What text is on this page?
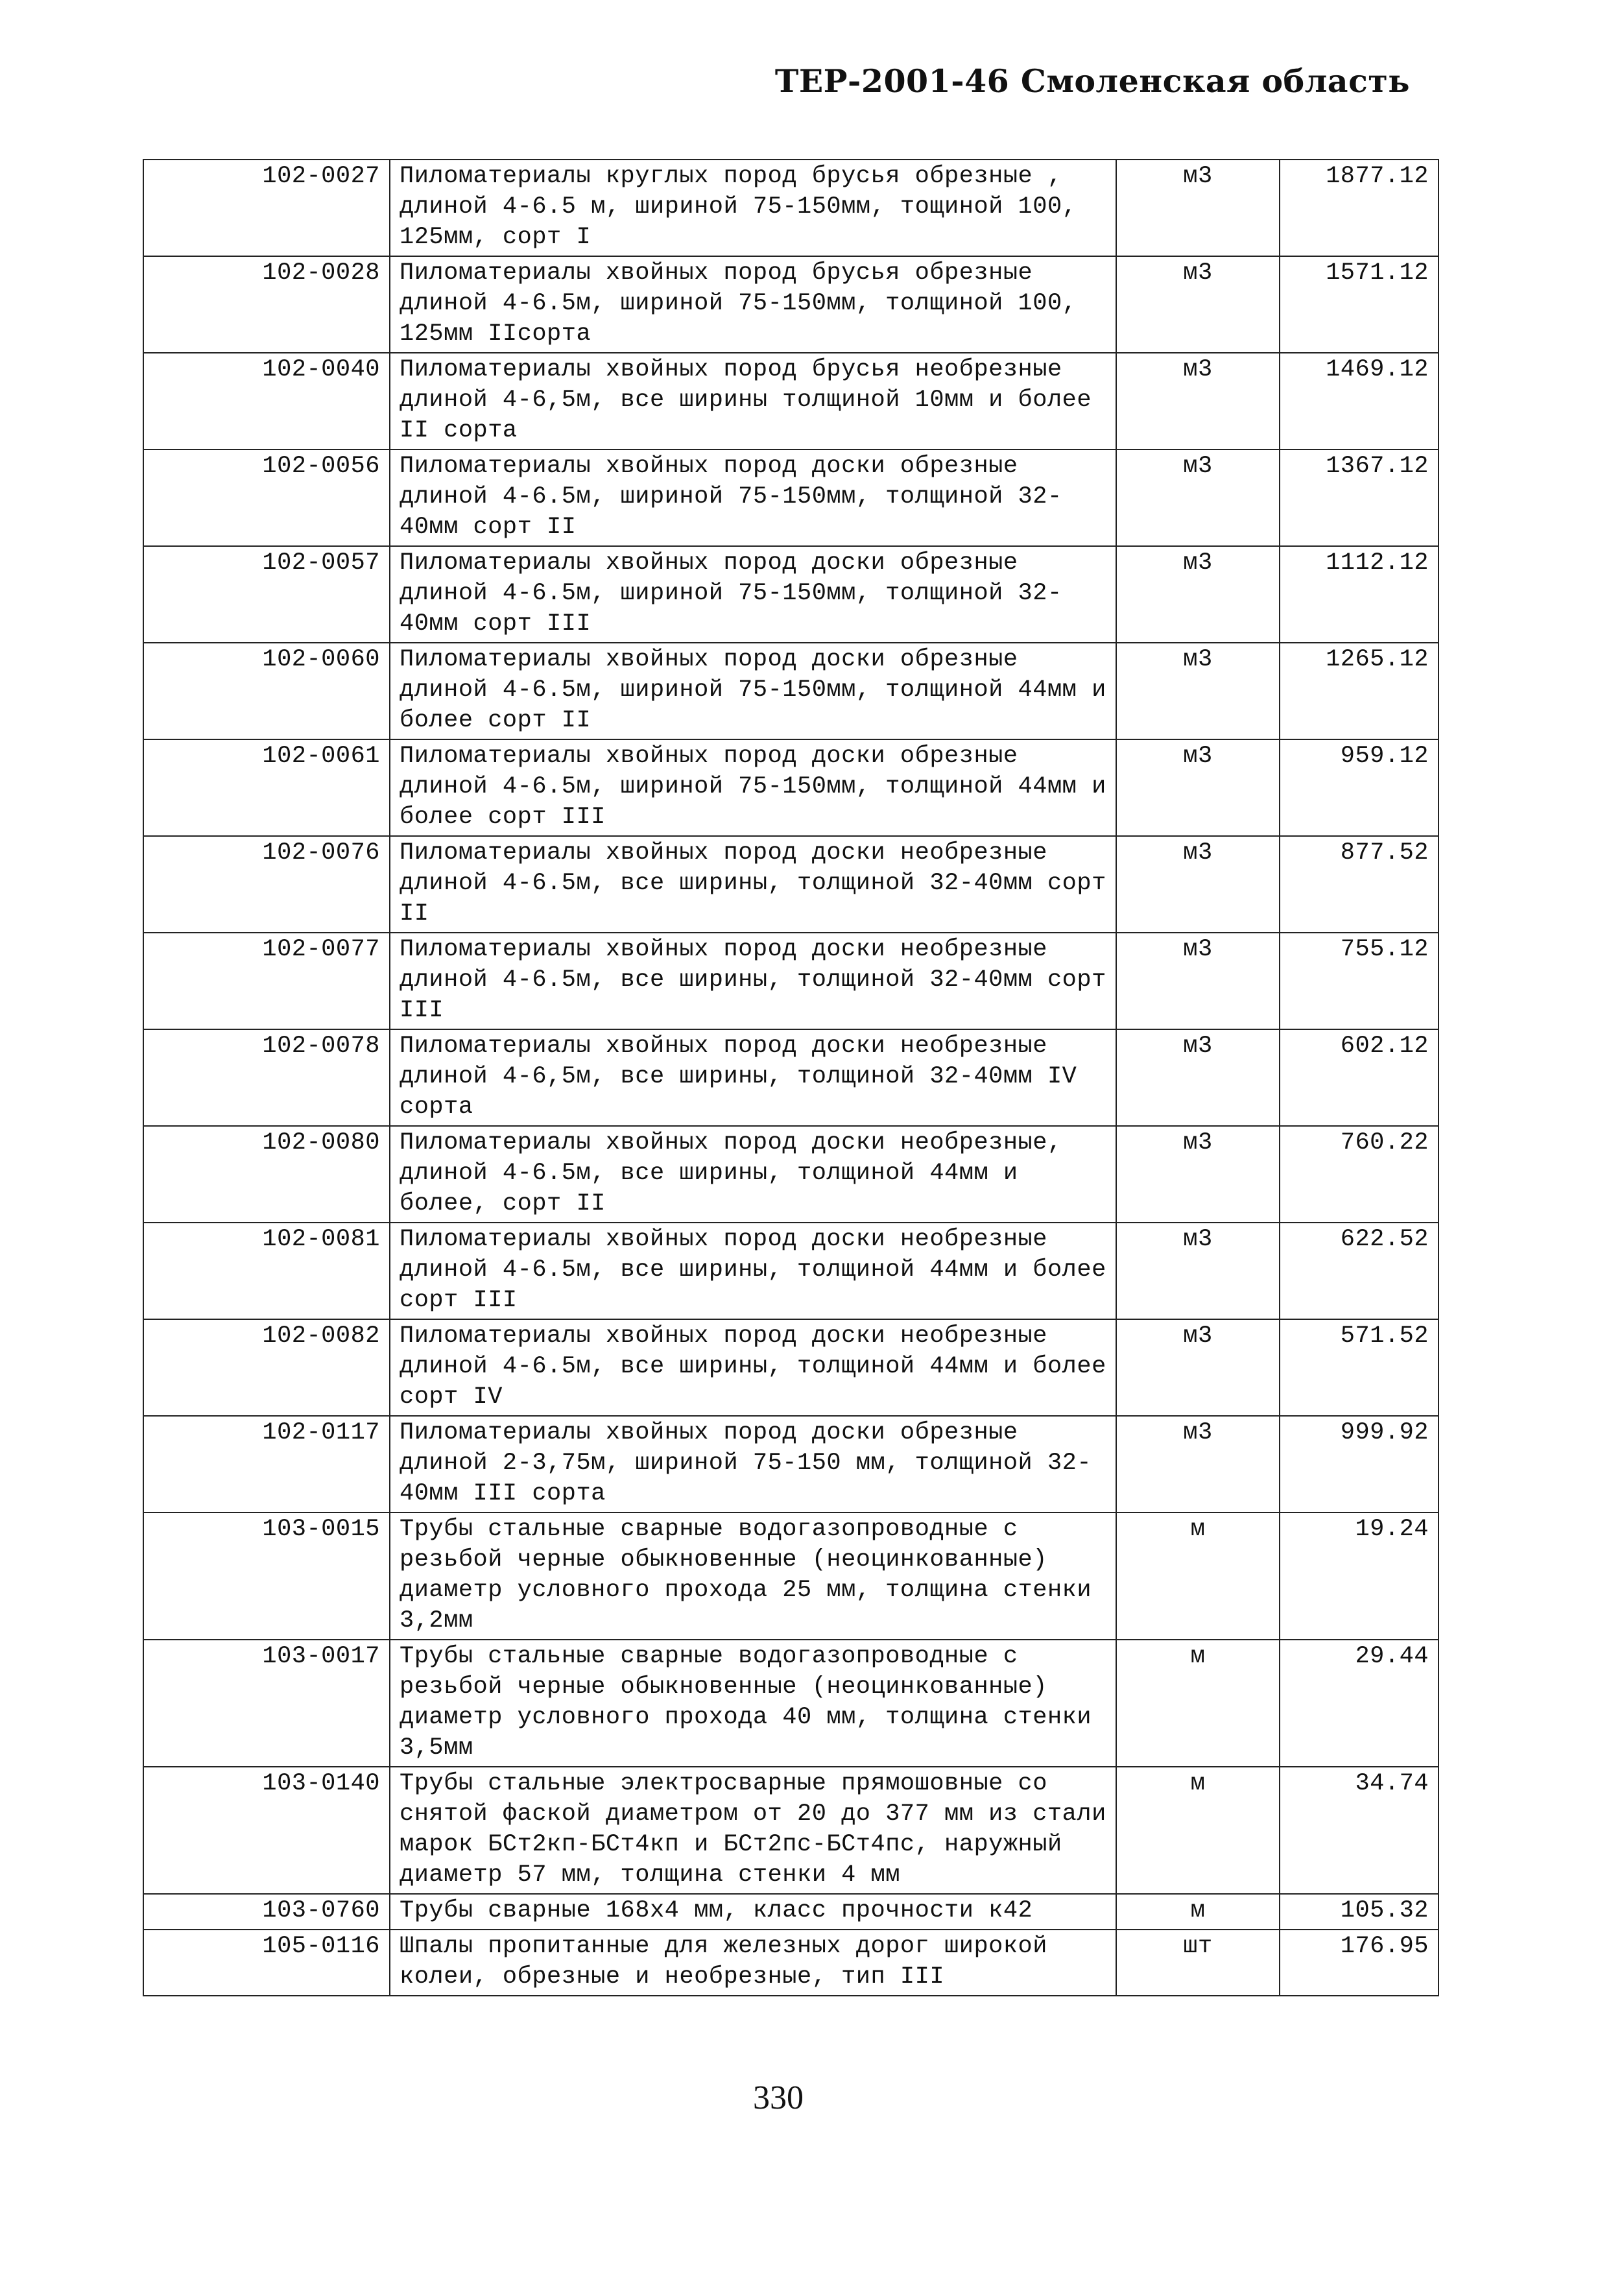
ТЕР-2001-46 Смоленская область
102-0027	Пиломатериалы круглых пород брусья обрезные , длиной 4-6.5 м, шириной 75-150мм, тощиной 100, 125мм, сорт I	м3	1877.12
102-0028	Пиломатериалы хвойных пород брусья обрезные длиной 4-6.5м, шириной 75-150мм, толщиной 100, 125мм IIсорта	м3	1571.12
102-0040	Пиломатериалы хвойных пород брусья необрезные длиной 4-6,5м, все ширины толщиной 10мм и более II сорта	м3	1469.12
102-0056	Пиломатериалы хвойных пород доски обрезные длиной 4-6.5м, шириной 75-150мм, толщиной 32-40мм сорт II	м3	1367.12
102-0057	Пиломатериалы хвойных пород доски обрезные длиной 4-6.5м, шириной 75-150мм, толщиной 32-40мм сорт III	м3	1112.12
102-0060	Пиломатериалы хвойных пород доски обрезные длиной 4-6.5м, шириной 75-150мм, толщиной 44мм и более сорт II	м3	1265.12
102-0061	Пиломатериалы хвойных пород доски обрезные длиной 4-6.5м, шириной 75-150мм, толщиной 44мм и более сорт III	м3	959.12
102-0076	Пиломатериалы хвойных пород доски необрезные длиной 4-6.5м, все ширины, толщиной 32-40мм сорт II	м3	877.52
102-0077	Пиломатериалы хвойных пород доски необрезные длиной 4-6.5м, все ширины, толщиной 32-40мм сорт III	м3	755.12
102-0078	Пиломатериалы хвойных пород доски необрезные длиной 4-6,5м, все ширины, толщиной 32-40мм IV сорта	м3	602.12
102-0080	Пиломатериалы хвойных пород доски необрезные, длиной 4-6.5м, все ширины, толщиной 44мм и более, сорт II	м3	760.22
102-0081	Пиломатериалы хвойных пород доски необрезные длиной 4-6.5м, все ширины, толщиной 44мм и более сорт III	м3	622.52
102-0082	Пиломатериалы хвойных пород доски необрезные длиной 4-6.5м, все ширины, толщиной 44мм и более сорт IV	м3	571.52
102-0117	Пиломатериалы хвойных пород доски обрезные длиной 2-3,75м, шириной 75-150 мм, толщиной 32-40мм III сорта	м3	999.92
103-0015	Трубы стальные сварные водогазопроводные с резьбой черные обыкновенные (неоцинкованные) диаметр условного прохода 25 мм, толщина стенки 3,2мм	м	19.24
103-0017	Трубы стальные сварные водогазопроводные с резьбой черные обыкновенные (неоцинкованные) диаметр условного прохода 40 мм, толщина стенки 3,5мм	м	29.44
103-0140	Трубы стальные электросварные прямошовные со снятой фаской диаметром от 20 до 377 мм из стали марок БСт2кп-БСт4кп и БСт2пс-БСт4пс, наружный диаметр 57 мм, толщина стенки 4 мм	м	34.74
103-0760	Трубы сварные 168х4 мм, класс прочности к42	м	105.32
105-0116	Шпалы пропитанные для железных дорог широкой колеи, обрезные и необрезные, тип III	шт	176.95
330
